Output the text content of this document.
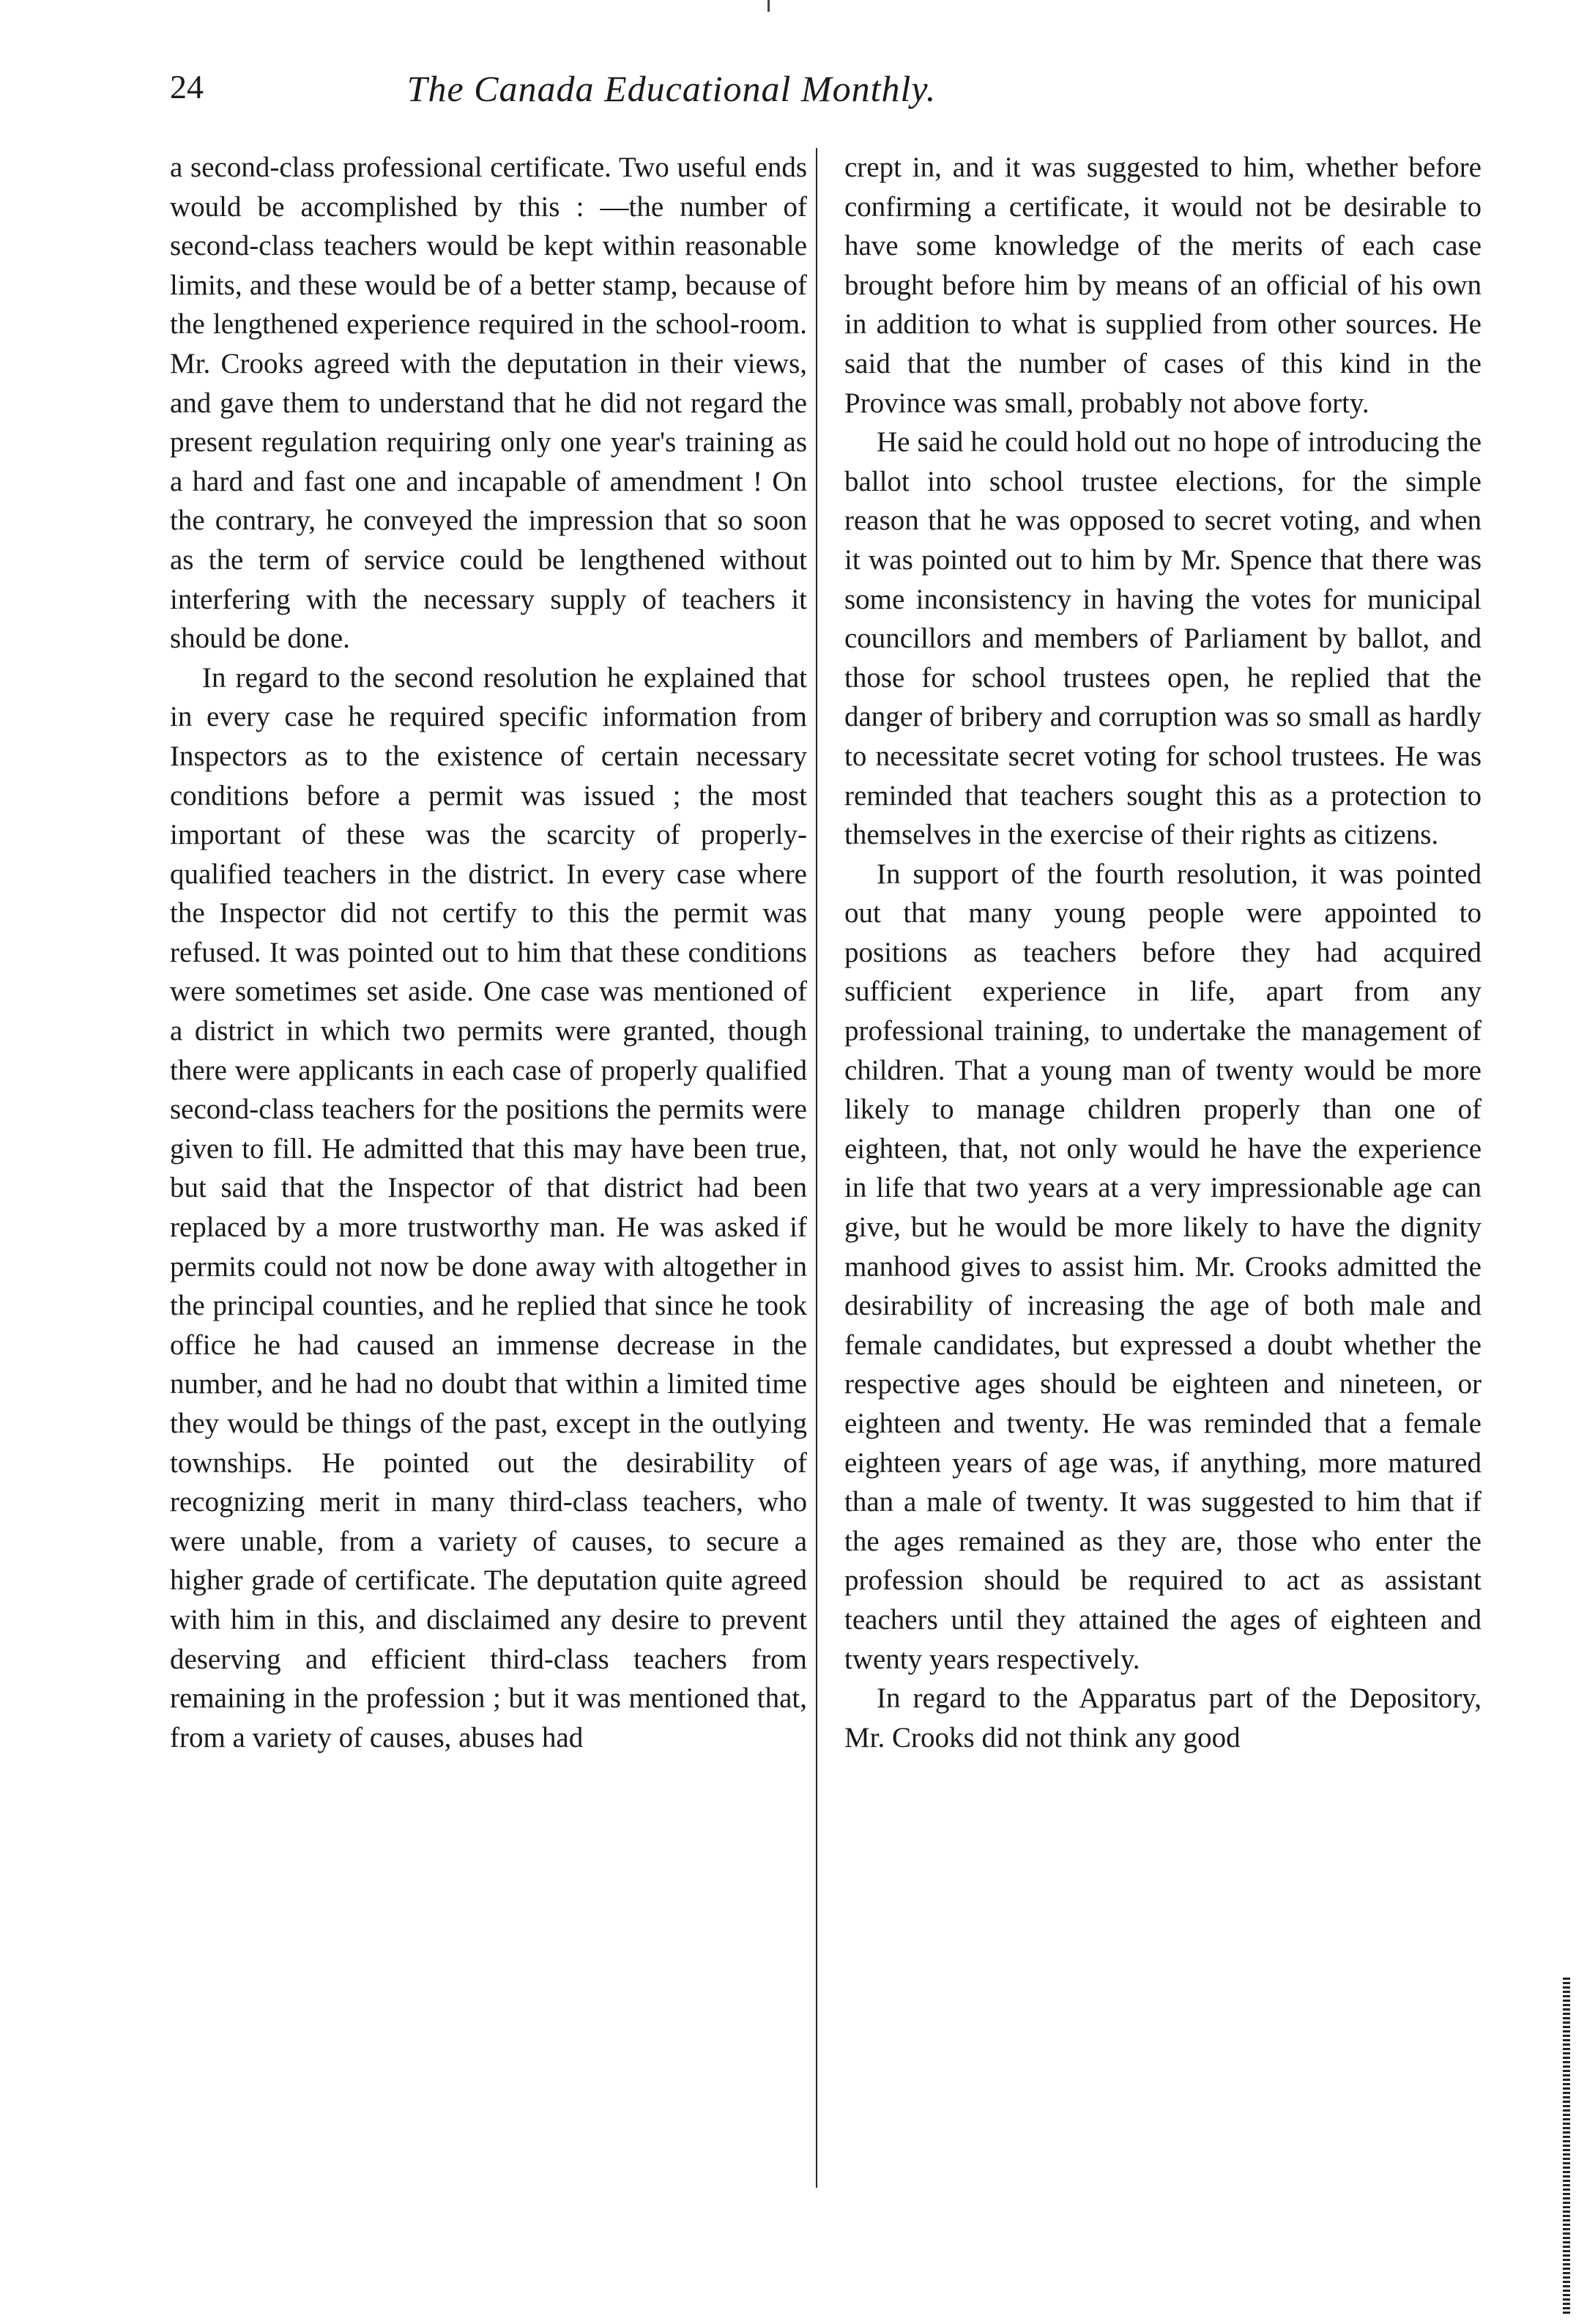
24	The Canada Educational Monthly.

a second-class professional certificate. Two useful ends would be accomplished by this : —the number of second-class teachers would be kept within reasonable limits, and these would be of a better stamp, because of the lengthened experience required in the school-room. Mr. Crooks agreed with the deputation in their views, and gave them to understand that he did not regard the present regulation requiring only one year's training as a hard and fast one and incapable of amendment ! On the contrary, he conveyed the impression that so soon as the term of service could be lengthened without interfering with the necessary supply of teachers it should be done.

In regard to the second resolution he explained that in every case he required specific information from Inspectors as to the existence of certain necessary conditions before a permit was issued ; the most important of these was the scarcity of properly-qualified teachers in the district. In every case where the Inspector did not certify to this the permit was refused. It was pointed out to him that these conditions were sometimes set aside. One case was mentioned of a district in which two permits were granted, though there were applicants in each case of properly qualified second-class teachers for the positions the permits were given to fill. He admitted that this may have been true, but said that the Inspector of that district had been replaced by a more trustworthy man. He was asked if permits could not now be done away with altogether in the principal counties, and he replied that since he took office he had caused an immense decrease in the number, and he had no doubt that within a limited time they would be things of the past, except in the outlying townships. He pointed out the desirability of recognizing merit in many third-class teachers, who were unable, from a variety of causes, to secure a higher grade of certificate. The deputation quite agreed with him in this, and disclaimed any desire to prevent deserving and efficient third-class teachers from remaining in the profession ; but it was mentioned that, from a variety of causes, abuses had

crept in, and it was suggested to him, whether before confirming a certificate, it would not be desirable to have some knowledge of the merits of each case brought before him by means of an official of his own in addition to what is supplied from other sources. He said that the number of cases of this kind in the Province was small, probably not above forty.

He said he could hold out no hope of introducing the ballot into school trustee elections, for the simple reason that he was opposed to secret voting, and when it was pointed out to him by Mr. Spence that there was some inconsistency in having the votes for municipal councillors and members of Parliament by ballot, and those for school trustees open, he replied that the danger of bribery and corruption was so small as hardly to necessitate secret voting for school trustees. He was reminded that teachers sought this as a protection to themselves in the exercise of their rights as citizens.

In support of the fourth resolution, it was pointed out that many young people were appointed to positions as teachers before they had acquired sufficient experience in life, apart from any professional training, to undertake the management of children. That a young man of twenty would be more likely to manage children properly than one of eighteen, that, not only would he have the experience in life that two years at a very impressionable age can give, but he would be more likely to have the dignity manhood gives to assist him. Mr. Crooks admitted the desirability of increasing the age of both male and female candidates, but expressed a doubt whether the respective ages should be eighteen and nineteen, or eighteen and twenty. He was reminded that a female eighteen years of age was, if anything, more matured than a male of twenty. It was suggested to him that if the ages remained as they are, those who enter the profession should be required to act as assistant teachers until they attained the ages of eighteen and twenty years respectively.

In regard to the Apparatus part of the Depository, Mr. Crooks did not think any good
